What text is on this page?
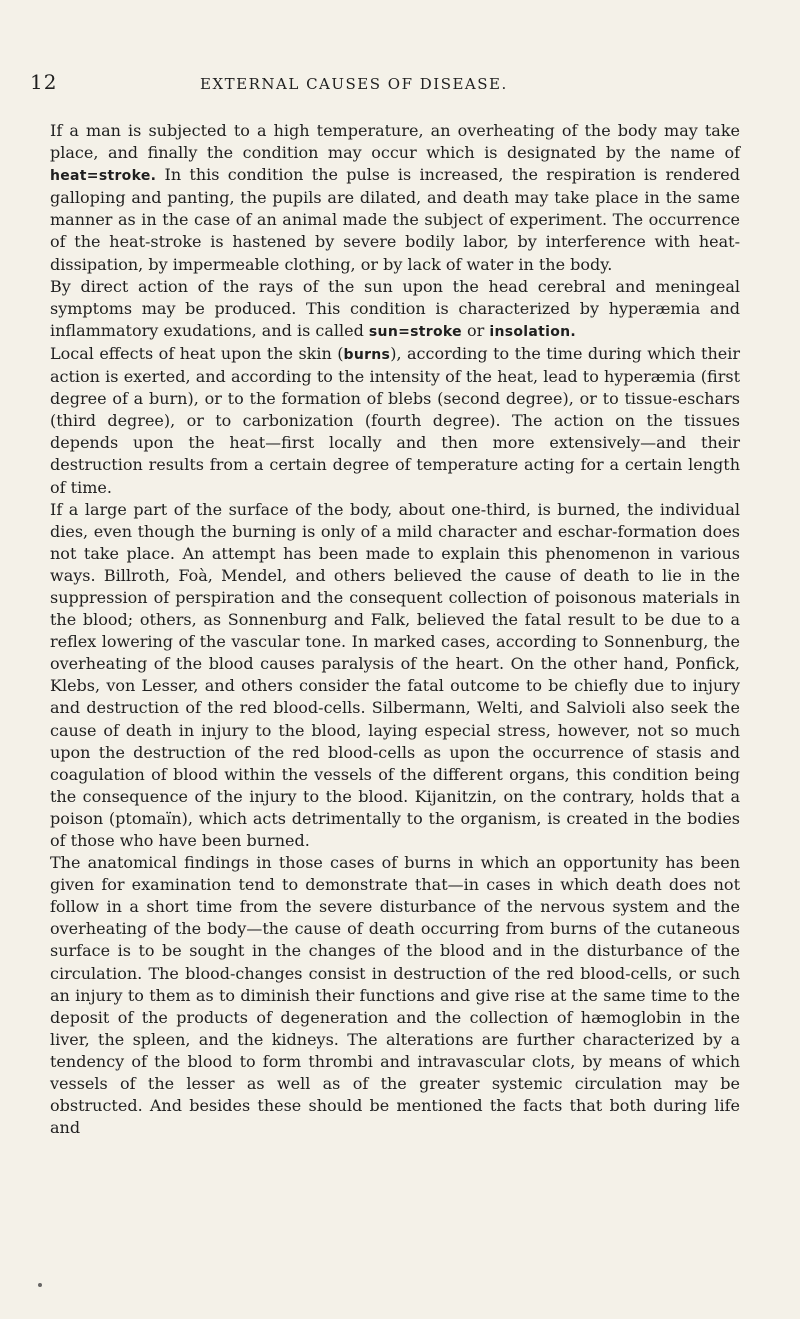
12	EXTERNAL CAUSES OF DISEASE.

If a man is subjected to a high temperature, an overheating of the body may take place, and finally the condition may occur which is designated by the name of heat=stroke. In this condition the pulse is increased, the respiration is rendered galloping and panting, the pupils are dilated, and death may take place in the same manner as in the case of an animal made the subject of experiment. The occurrence of the heat-stroke is hastened by severe bodily labor, by interference with heat-dissipation, by impermeable clothing, or by lack of water in the body.

By direct action of the rays of the sun upon the head cerebral and meningeal symptoms may be produced. This condition is characterized by hyperæmia and inflammatory exudations, and is called sun=stroke or insolation.

Local effects of heat upon the skin (burns), according to the time during which their action is exerted, and according to the intensity of the heat, lead to hyperæmia (first degree of a burn), or to the formation of blebs (second degree), or to tissue-eschars (third degree), or to carbonization (fourth degree). The action on the tissues depends upon the heat—first locally and then more extensively—and their destruction results from a certain degree of temperature acting for a certain length of time.

If a large part of the surface of the body, about one-third, is burned, the individual dies, even though the burning is only of a mild character and eschar-formation does not take place. An attempt has been made to explain this phenomenon in various ways. Billroth, Foà, Mendel, and others believed the cause of death to lie in the suppression of perspiration and the consequent collection of poisonous materials in the blood; others, as Sonnenburg and Falk, believed the fatal result to be due to a reflex lowering of the vascular tone. In marked cases, according to Sonnenburg, the overheating of the blood causes paralysis of the heart. On the other hand, Ponfick, Klebs, von Lesser, and others consider the fatal outcome to be chiefly due to injury and destruction of the red blood-cells. Silbermann, Welti, and Salvioli also seek the cause of death in injury to the blood, laying especial stress, however, not so much upon the destruction of the red blood-cells as upon the occurrence of stasis and coagulation of blood within the vessels of the different organs, this condition being the consequence of the injury to the blood. Kijanitzin, on the contrary, holds that a poison (ptomaïn), which acts detrimentally to the organism, is created in the bodies of those who have been burned.

The anatomical findings in those cases of burns in which an opportunity has been given for examination tend to demonstrate that—in cases in which death does not follow in a short time from the severe disturbance of the nervous system and the overheating of the body—the cause of death occurring from burns of the cutaneous surface is to be sought in the changes of the blood and in the disturbance of the circulation. The blood-changes consist in destruction of the red blood-cells, or such an injury to them as to diminish their functions and give rise at the same time to the deposit of the products of degeneration and the collection of hæmoglobin in the liver, the spleen, and the kidneys. The alterations are further characterized by a tendency of the blood to form thrombi and intravascular clots, by means of which vessels of the lesser as well as of the greater systemic circulation may be obstructed. And besides these should be mentioned the facts that both during life and
